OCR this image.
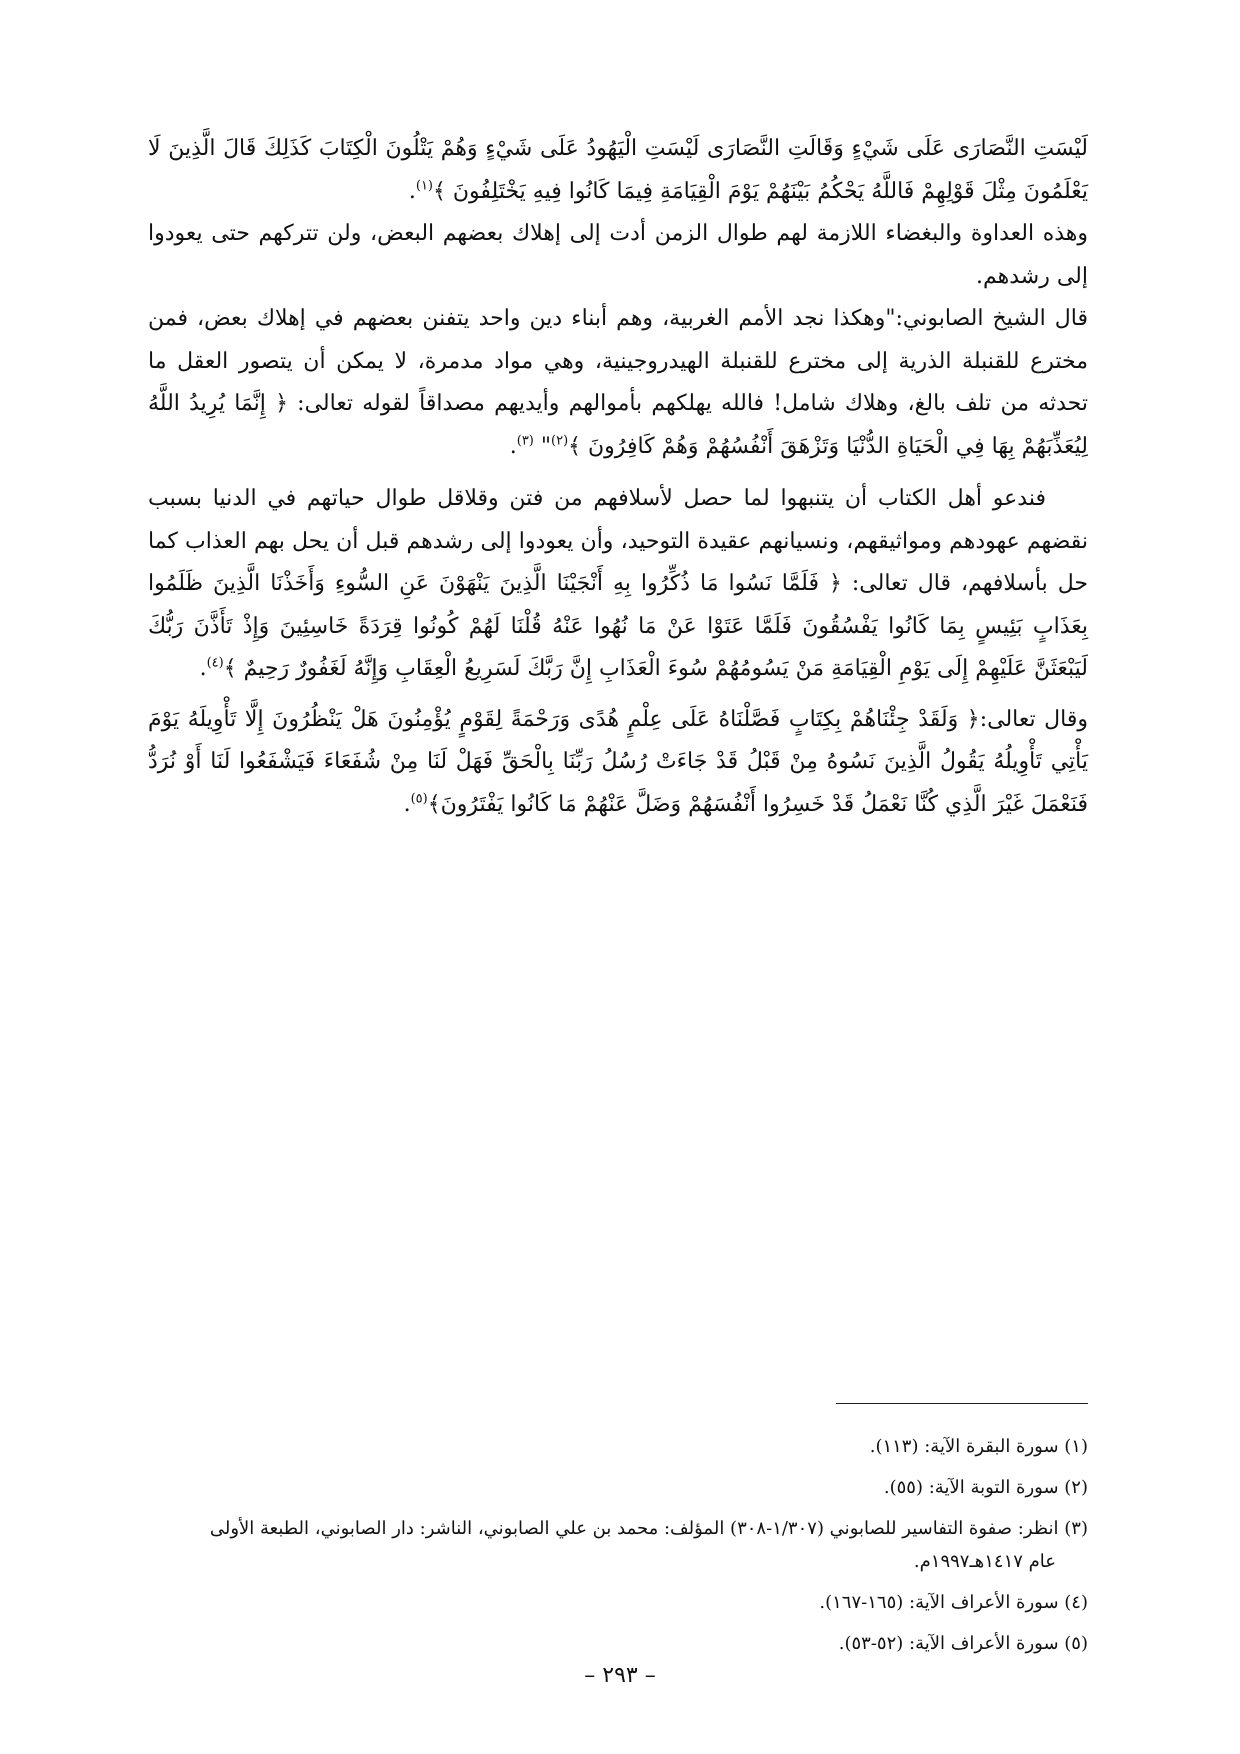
لَيْسَتِ النَّصَارَى عَلَى شَيْءٍ وَقَالَتِ النَّصَارَى لَيْسَتِ الْيَهُودُ عَلَى شَيْءٍ وَهُمْ يَتْلُونَ الْكِتَابَ كَذَلِكَ قَالَ الَّذِينَ لَا يَعْلَمُونَ مِثْلَ قَوْلِهِمْ فَاللَّهُ يَحْكُمُ بَيْنَهُمْ يَوْمَ الْقِيَامَةِ فِيمَا كَانُوا فِيهِ يَخْتَلِفُونَ ﴾$^{(١)}$.

وهذه العداوة والبغضاء اللازمة لهم طوال الزمن أدت إلى إهلاك بعضهم البعض، ولن تتركهم حتى يعودوا إلى رشدهم.

قال الشيخ الصابوني:"وهكذا نجد الأمم الغربية، وهم أبناء دين واحد يتفنن بعضهم في إهلاك بعض، فمن مخترع للقنبلة الذرية إلى مخترع للقنبلة الهيدروجينية، وهي مواد مدمرة، لا يمكن أن يتصور العقل ما تحدثه من تلف بالغ، وهلاك شامل! فالله يهلكهم بأموالهم وأيديهم مصداقاً لقوله تعالى: ﴿ إِنَّمَا يُرِيدُ اللَّهُ لِيُعَذِّبَهُمْ بِهَا فِي الْحَيَاةِ الدُّنْيَا وَتَزْهَقَ أَنْفُسُهُمْ وَهُمْ كَافِرُونَ ﴾$^{(٢)}$" $^{(٣)}$.

فندعو أهل الكتاب أن يتنبهوا لما حصل لأسلافهم من فتن وقلاقل طوال حياتهم في الدنيا بسبب نقضهم عهودهم ومواثيقهم، ونسيانهم عقيدة التوحيد، وأن يعودوا إلى رشدهم قبل أن يحل بهم العذاب كما حل بأسلافهم، قال تعالى: ﴿ فَلَمَّا نَسُوا مَا ذُكِّرُوا بِهِ أَنْجَيْنَا الَّذِينَ يَنْهَوْنَ عَنِ السُّوءِ وَأَخَذْنَا الَّذِينَ ظَلَمُوا بِعَذَابٍ بَئِيسٍ بِمَا كَانُوا يَفْسُقُونَ فَلَمَّا عَتَوْا عَنْ مَا نُهُوا عَنْهُ قُلْنَا لَهُمْ كُونُوا قِرَدَةً خَاسِئِينَ وَإِذْ تَأَذَّنَ رَبُّكَ لَيَبْعَثَنَّ عَلَيْهِمْ إِلَى يَوْمِ الْقِيَامَةِ مَنْ يَسُومُهُمْ سُوءَ الْعَذَابِ إِنَّ رَبَّكَ لَسَرِيعُ الْعِقَابِ وَإِنَّهُ لَغَفُورٌ رَحِيمٌ ﴾$^{(٤)}$.

وقال تعالى:﴿ وَلَقَدْ جِئْنَاهُمْ بِكِتَابٍ فَصَّلْنَاهُ عَلَى عِلْمٍ هُدًى وَرَحْمَةً لِقَوْمٍ يُؤْمِنُونَ هَلْ يَنْظُرُونَ إِلَّا تَأْوِيلَهُ يَوْمَ يَأْتِي تَأْوِيلُهُ يَقُولُ الَّذِينَ نَسُوهُ مِنْ قَبْلُ قَدْ جَاءَتْ رُسُلُ رَبِّنَا بِالْحَقِّ فَهَلْ لَنَا مِنْ شُفَعَاءَ فَيَشْفَعُوا لَنَا أَوْ نُرَدُّ فَنَعْمَلَ غَيْرَ الَّذِي كُنَّا نَعْمَلُ قَدْ خَسِرُوا أَنْفُسَهُمْ وَضَلَّ عَنْهُمْ مَا كَانُوا يَفْتَرُونَ﴾$^{(٥)}$.

(١) سورة البقرة الآية: (١١٣).
(٢) سورة التوبة الآية: (٥٥).
(٣) انظر: صفوة التفاسير للصابوني (١/٣٠٧-٣٠٨) المؤلف: محمد بن علي الصابوني، الناشر: دار الصابوني، الطبعة الأولى
عام ١٤١٧هـ١٩٩٧م.
(٤) سورة الأعراف الآية: (١٦٥-١٦٧).
(٥) سورة الأعراف الآية: (٥٢-٥٣).
– ٢٩٣ –
